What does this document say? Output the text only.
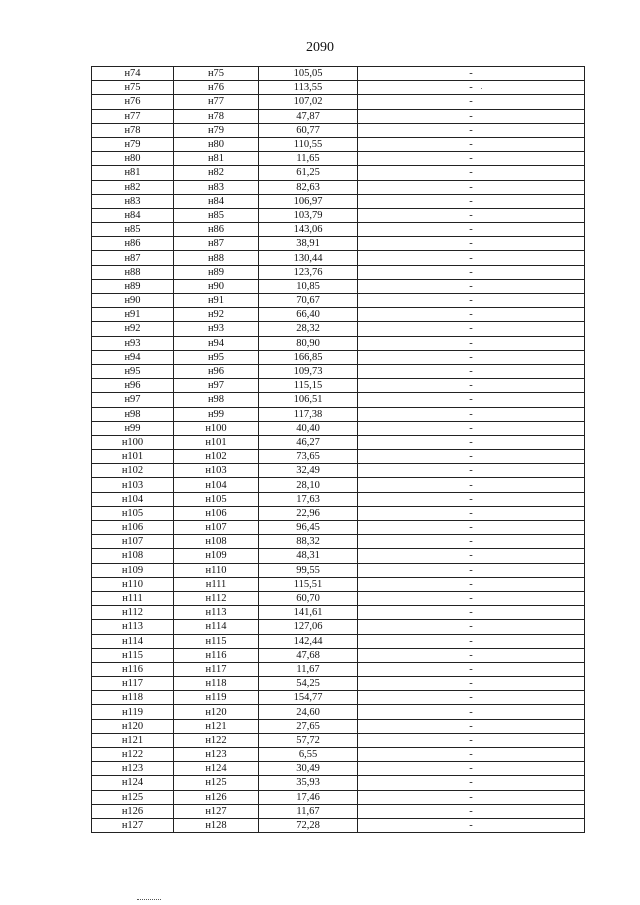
2090
н74	н75	105,05	-
н75	н76	113,55	-
н76	н77	107,02	-
н77	н78	47,87	-
н78	н79	60,77	-
н79	н80	110,55	-
н80	н81	11,65	-
н81	н82	61,25	-
н82	н83	82,63	-
н83	н84	106,97	-
н84	н85	103,79	-
н85	н86	143,06	-
н86	н87	38,91	-
н87	н88	130,44	-
н88	н89	123,76	-
н89	н90	10,85	-
н90	н91	70,67	-
н91	н92	66,40	-
н92	н93	28,32	-
н93	н94	80,90	-
н94	н95	166,85	-
н95	н96	109,73	-
н96	н97	115,15	-
н97	н98	106,51	-
н98	н99	117,38	-
н99	н100	40,40	-
н100	н101	46,27	-
н101	н102	73,65	-
н102	н103	32,49	-
н103	н104	28,10	-
н104	н105	17,63	-
н105	н106	22,96	-
н106	н107	96,45	-
н107	н108	88,32	-
н108	н109	48,31	-
н109	н110	99,55	-
н110	н111	115,51	-
н111	н112	60,70	-
н112	н113	141,61	-
н113	н114	127,06	-
н114	н115	142,44	-
н115	н116	47,68	-
н116	н117	11,67	-
н117	н118	54,25	-
н118	н119	154,77	-
н119	н120	24,60	-
н120	н121	27,65	-
н121	н122	57,72	-
н122	н123	6,55	-
н123	н124	30,49	-
н124	н125	35,93	-
н125	н126	17,46	-
н126	н127	11,67	-
н127	н128	72,28	-
